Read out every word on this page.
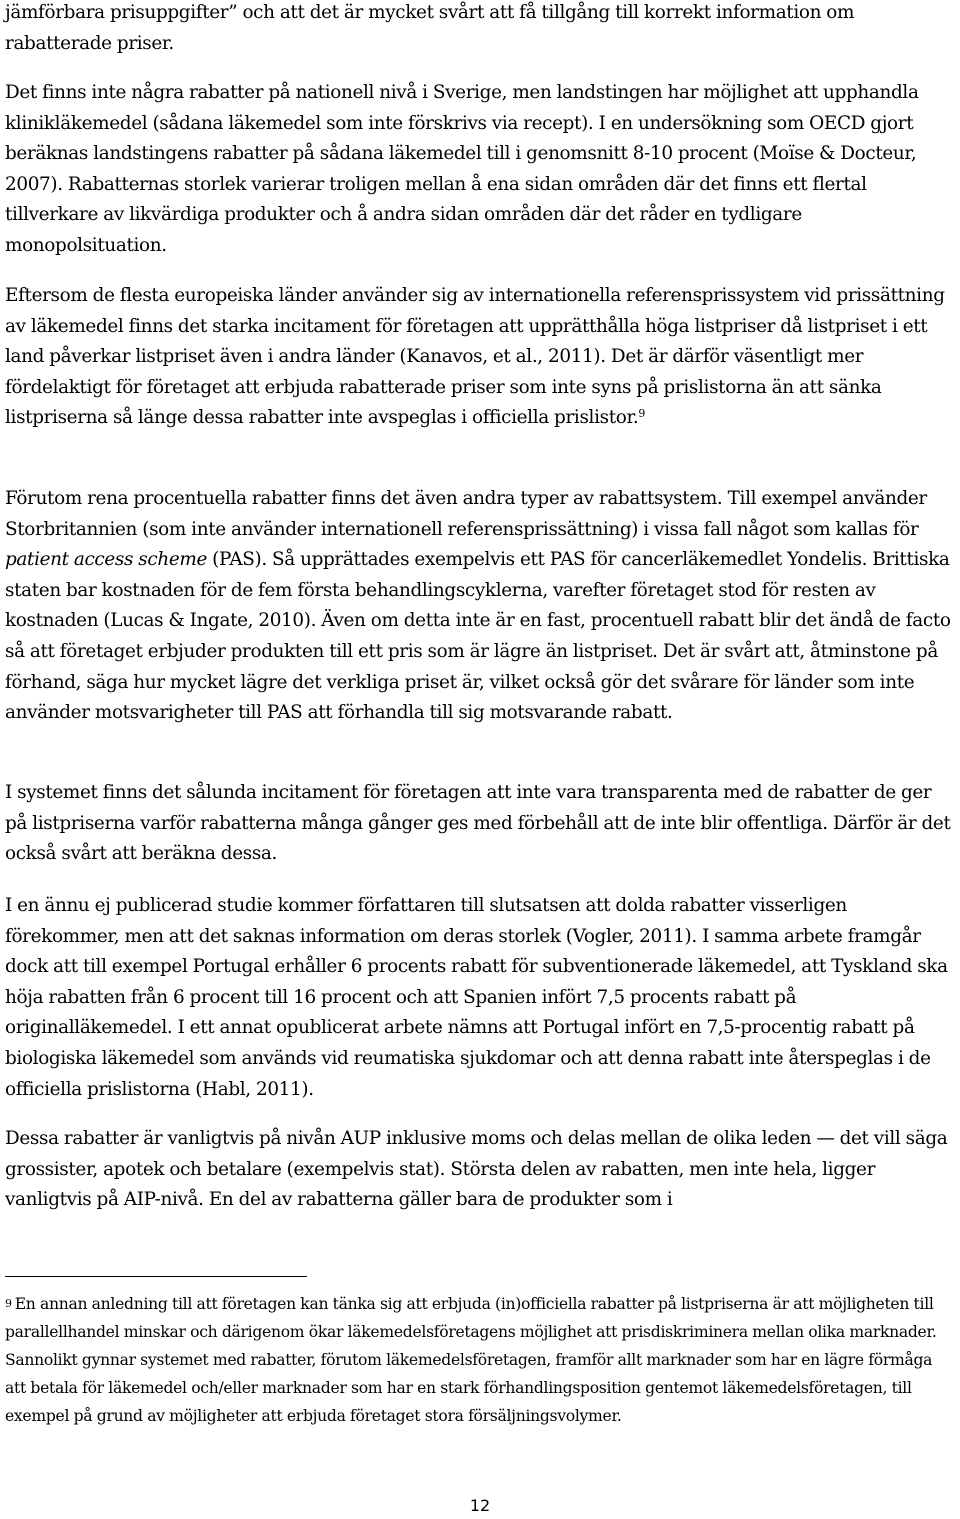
jämförbara prisuppgifter” och att det är mycket svårt att få tillgång till korrekt information om rabatterade priser.

Det finns inte några rabatter på nationell nivå i Sverige, men landstingen har möjlighet att upphandla klinikläkemedel (sådana läkemedel som inte förskrivs via recept). I en undersökning som OECD gjort beräknas landstingens rabatter på sådana läkemedel till i genomsnitt 8-10 procent (Moïse & Docteur, 2007). Rabatternas storlek varierar troligen mellan å ena sidan områden där det finns ett flertal tillverkare av likvärdiga produkter och å andra sidan områden där det råder en tydligare monopolsituation.

Eftersom de flesta europeiska länder använder sig av internationella referensprissystem vid prissättning av läkemedel finns det starka incitament för företagen att upprätthålla höga listpriser då listpriset i ett land påverkar listpriset även i andra länder (Kanavos, et al., 2011). Det är därför väsentligt mer fördelaktigt för företaget att erbjuda rabatterade priser som inte syns på prislistorna än att sänka listpriserna så länge dessa rabatter inte avspeglas i officiella prislistor.$^9$

Förutom rena procentuella rabatter finns det även andra typer av rabattsystem. Till exempel använder Storbritannien (som inte använder internationell referensprissättning) i vissa fall något som kallas för patient access scheme (PAS). Så upprättades exempelvis ett PAS för cancerläkemedlet Yondelis. Brittiska staten bar kostnaden för de fem första behandlingscyklerna, varefter företaget stod för resten av kostnaden (Lucas & Ingate, 2010). Även om detta inte är en fast, procentuell rabatt blir det ändå de facto så att företaget erbjuder produkten till ett pris som är lägre än listpriset. Det är svårt att, åtminstone på förhand, säga hur mycket lägre det verkliga priset är, vilket också gör det svårare för länder som inte använder motsvarigheter till PAS att förhandla till sig motsvarande rabatt.

I systemet finns det sålunda incitament för företagen att inte vara transparenta med de rabatter de ger på listpriserna varför rabatterna många gånger ges med förbehåll att de inte blir offentliga. Därför är det också svårt att beräkna dessa.

I en ännu ej publicerad studie kommer författaren till slutsatsen att dolda rabatter visserligen förekommer, men att det saknas information om deras storlek (Vogler, 2011). I samma arbete framgår dock att till exempel Portugal erhåller 6 procents rabatt för subventionerade läkemedel, att Tyskland ska höja rabatten från 6 procent till 16 procent och att Spanien infört 7,5 procents rabatt på originalläkemedel. I ett annat opublicerat arbete nämns att Portugal infört en 7,5-procentig rabatt på biologiska läkemedel som används vid reumatiska sjukdomar och att denna rabatt inte återspeglas i de officiella prislistorna (Habl, 2011).

Dessa rabatter är vanligtvis på nivån AUP inklusive moms och delas mellan de olika leden — det vill säga grossister, apotek och betalare (exempelvis stat). Största delen av rabatten, men inte hela, ligger vanligtvis på AIP-nivå. En del av rabatterna gäller bara de produkter som i

9 En annan anledning till att företagen kan tänka sig att erbjuda (in)officiella rabatter på listpriserna är att möjligheten till parallellhandel minskar och därigenom ökar läkemedelsföretagens möjlighet att prisdiskriminera mellan olika marknader. Sannolikt gynnar systemet med rabatter, förutom läkemedelsföretagen, framför allt marknader som har en lägre förmåga att betala för läkemedel och/eller marknader som har en stark förhandlingsposition gentemot läkemedelsföretagen, till exempel på grund av möjligheter att erbjuda företaget stora försäljningsvolymer.

12
